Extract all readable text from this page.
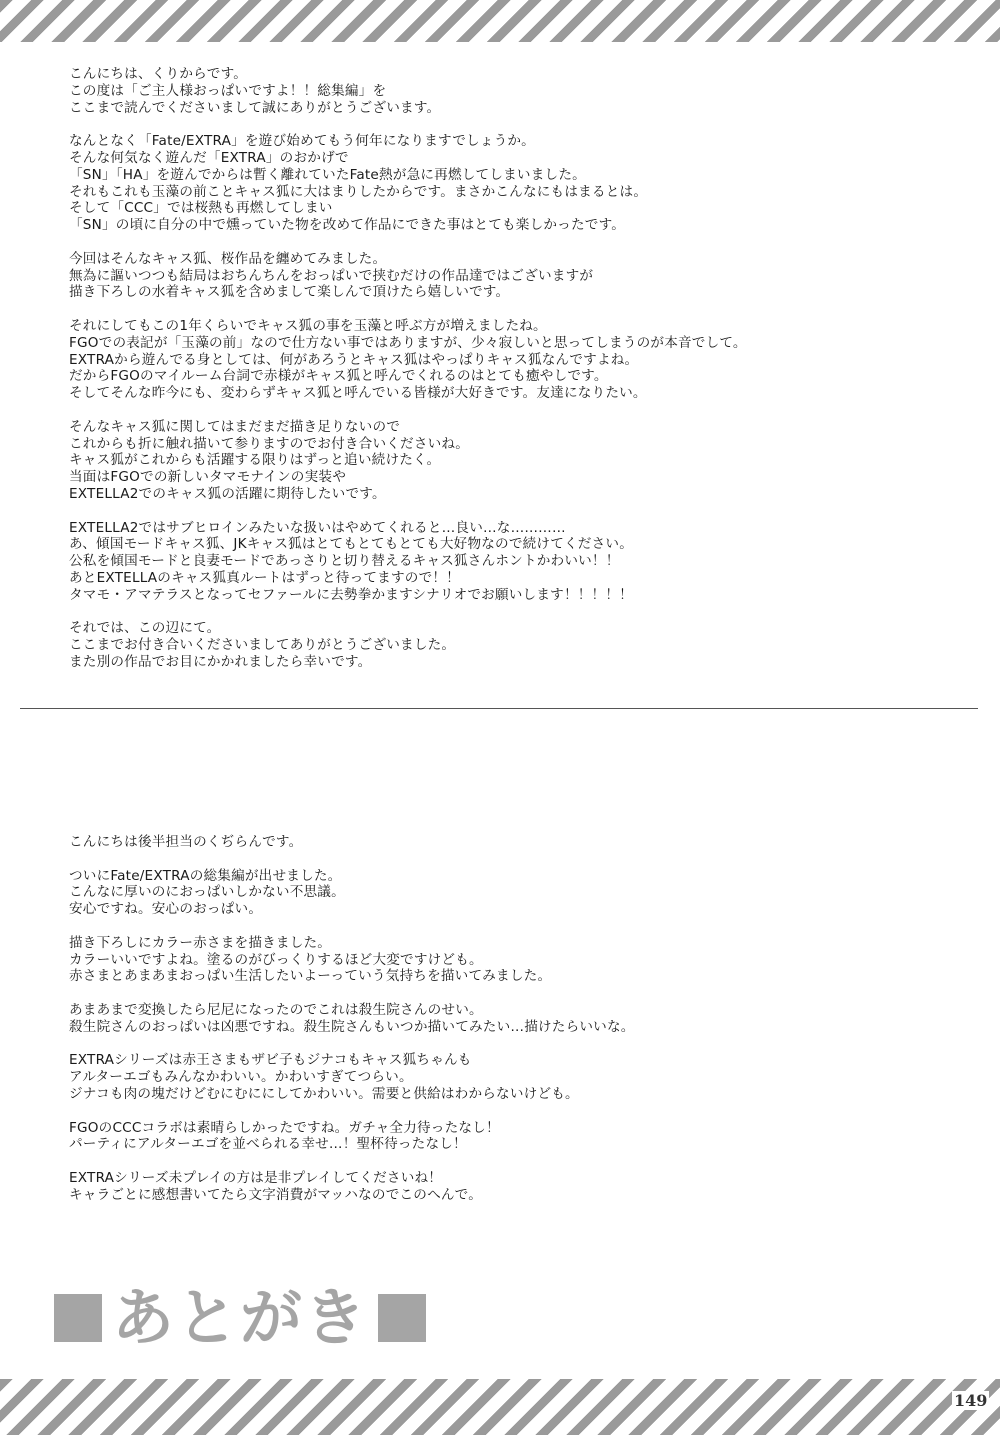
こんにちは、くりからです。
この度は「ご主人様おっぱいですよ！！総集編」を
ここまで読んでくださいまして誠にありがとうございます。

なんとなく「Fate/EXTRA」を遊び始めてもう何年になりますでしょうか。
そんな何気なく遊んだ「EXTRA」のおかげで
「SN」「HA」を遊んでからは暫く離れていたFate熱が急に再燃してしまいました。
それもこれも玉藻の前ことキャス狐に大はまりしたからです。まさかこんなにもはまるとは。
そして「CCC」では桜熱も再燃してしまい
「SN」の頃に自分の中で燻っていた物を改めて作品にできた事はとても楽しかったです。

今回はそんなキャス狐、桜作品を纏めてみました。
無為に謳いつつも結局はおちんちんをおっぱいで挟むだけの作品達ではございますが
描き下ろしの水着キャス狐を含めまして楽しんで頂けたら嬉しいです。

それにしてもこの1年くらいでキャス狐の事を玉藻と呼ぶ方が増えましたね。
FGOでの表記が「玉藻の前」なので仕方ない事ではありますが、少々寂しいと思ってしまうのが本音でして。
EXTRAから遊んでる身としては、何があろうとキャス狐はやっぱりキャス狐なんですよね。
だからFGOのマイルーム台詞で赤様がキャス狐と呼んでくれるのはとても癒やしです。
そしてそんな昨今にも、変わらずキャス狐と呼んでいる皆様が大好きです。友達になりたい。

そんなキャス狐に関してはまだまだ描き足りないので
これからも折に触れ描いて参りますのでお付き合いくださいね。
キャス狐がこれからも活躍する限りはずっと追い続けたく。
当面はFGOでの新しいタマモナインの実装や
EXTELLA2でのキャス狐の活躍に期待したいです。

EXTELLA2ではサブヒロインみたいな扱いはやめてくれると…良い…な…………
あ、傾国モードキャス狐、JKキャス狐はとてもとてもとても大好物なので続けてください。
公私を傾国モードと良妻モードであっさりと切り替えるキャス狐さんホントかわいい！！
あとEXTELLAのキャス狐真ルートはずっと待ってますので！！
タマモ・アマテラスとなってセファールに去勢拳かますシナリオでお願いします！！！！！

それでは、この辺にて。
ここまでお付き合いくださいましてありがとうございました。
また別の作品でお目にかかれましたら幸いです。

こんにちは後半担当のくぢらんです。

ついにFate/EXTRAの総集編が出せました。
こんなに厚いのにおっぱいしかない不思議。
安心ですね。安心のおっぱい。

描き下ろしにカラー赤さまを描きました。
カラーいいですよね。塗るのがびっくりするほど大変ですけども。
赤さまとあまあまおっぱい生活したいよーっていう気持ちを描いてみました。

あまあまで変換したら尼尼になったのでこれは殺生院さんのせい。
殺生院さんのおっぱいは凶悪ですね。殺生院さんもいつか描いてみたい…描けたらいいな。

EXTRAシリーズは赤王さまもザビ子もジナコもキャス狐ちゃんも
アルターエゴもみんなかわいい。かわいすぎてつらい。
ジナコも肉の塊だけどむにむににしてかわいい。需要と供給はわからないけども。

FGOのCCCコラボは素晴らしかったですね。ガチャ全力待ったなし！
パーティにアルターエゴを並べられる幸せ…！聖杯待ったなし！

EXTRAシリーズ未プレイの方は是非プレイしてくださいね！
キャラごとに感想書いてたら文字消費がマッハなのでこのへんで。

あとがき
149
